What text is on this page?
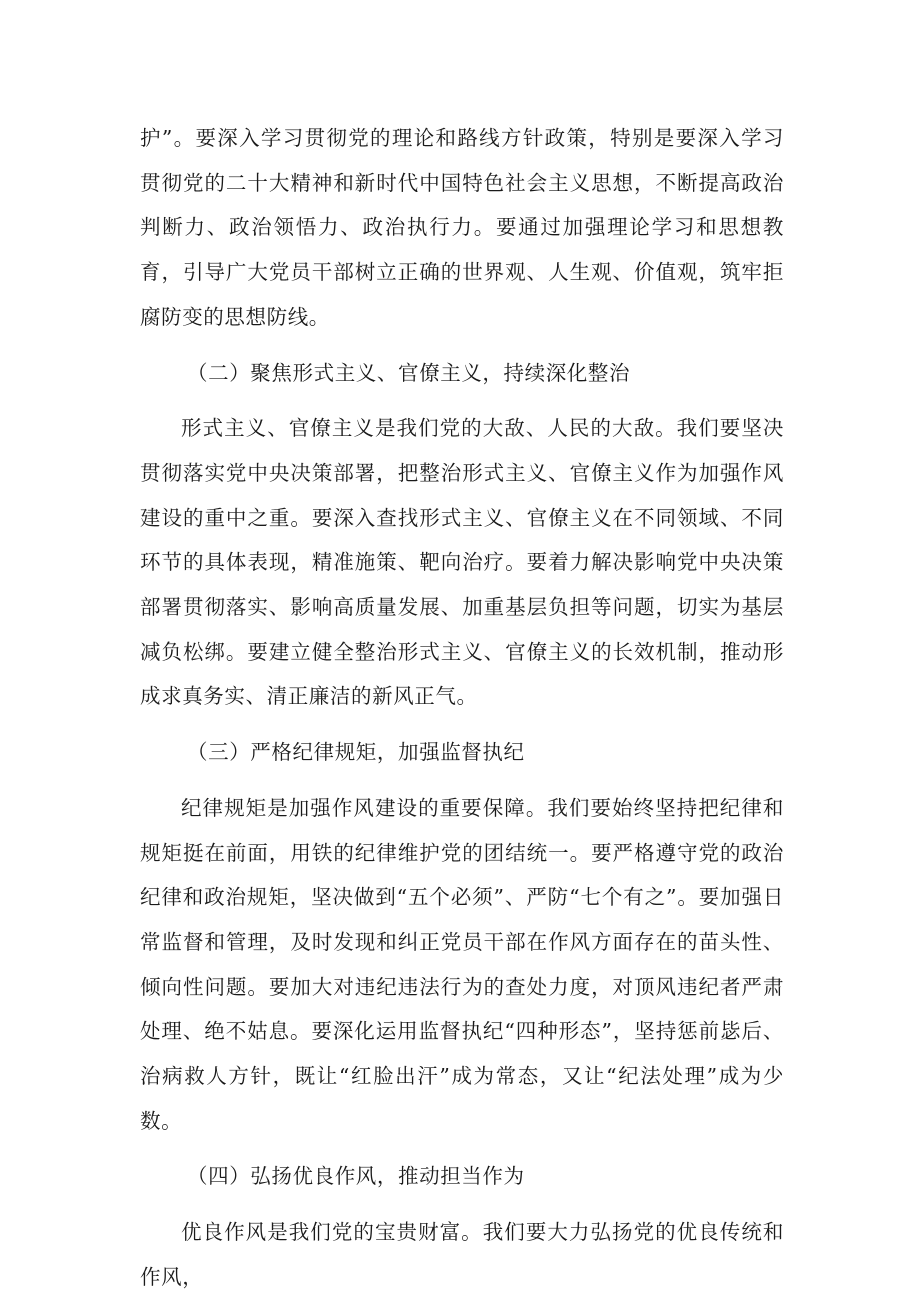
护”。要深入学习贯彻党的理论和路线方针政策，特别是要深入学习贯彻党的二十大精神和新时代中国特色社会主义思想，不断提高政治判断力、政治领悟力、政治执行力。要通过加强理论学习和思想教育，引导广大党员干部树立正确的世界观、人生观、价值观，筑牢拒腐防变的思想防线。

（二）聚焦形式主义、官僚主义，持续深化整治

形式主义、官僚主义是我们党的大敌、人民的大敌。我们要坚决贯彻落实党中央决策部署，把整治形式主义、官僚主义作为加强作风建设的重中之重。要深入查找形式主义、官僚主义在不同领域、不同环节的具体表现，精准施策、靶向治疗。要着力解决影响党中央决策部署贯彻落实、影响高质量发展、加重基层负担等问题，切实为基层减负松绑。要建立健全整治形式主义、官僚主义的长效机制，推动形成求真务实、清正廉洁的新风正气。

（三）严格纪律规矩，加强监督执纪

纪律规矩是加强作风建设的重要保障。我们要始终坚持把纪律和规矩挺在前面，用铁的纪律维护党的团结统一。要严格遵守党的政治纪律和政治规矩，坚决做到“五个必须”、严防“七个有之”。要加强日常监督和管理，及时发现和纠正党员干部在作风方面存在的苗头性、倾向性问题。要加大对违纪违法行为的查处力度，对顶风违纪者严肃处理、绝不姑息。要深化运用监督执纪“四种形态”，坚持惩前毖后、治病救人方针，既让“红脸出汗”成为常态，又让“纪法处理”成为少数。

（四）弘扬优良作风，推动担当作为

优良作风是我们党的宝贵财富。我们要大力弘扬党的优良传统和作风，
